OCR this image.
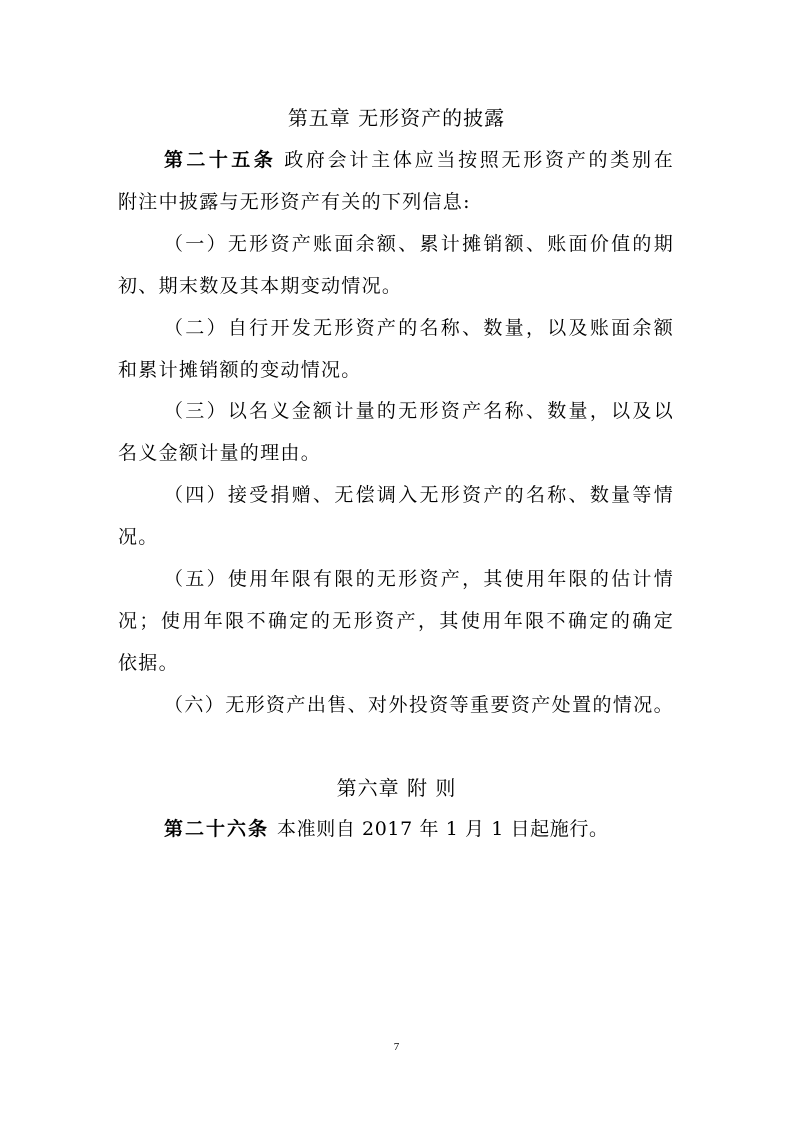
第五章 无形资产的披露
第二十五条 政府会计主体应当按照无形资产的类别在
附注中披露与无形资产有关的下列信息:
（一）无形资产账面余额、累计摊销额、账面价值的期
初、期末数及其本期变动情况。
（二）自行开发无形资产的名称、数量，以及账面余额
和累计摊销额的变动情况。
（三）以名义金额计量的无形资产名称、数量，以及以
名义金额计量的理由。
（四）接受捐赠、无偿调入无形资产的名称、数量等情
况。
（五）使用年限有限的无形资产，其使用年限的估计情
况；使用年限不确定的无形资产，其使用年限不确定的确定
依据。
（六）无形资产出售、对外投资等重要资产处置的情况。
第六章 附 则
第二十六条 本准则自 2017 年 1 月 1 日起施行。
7
